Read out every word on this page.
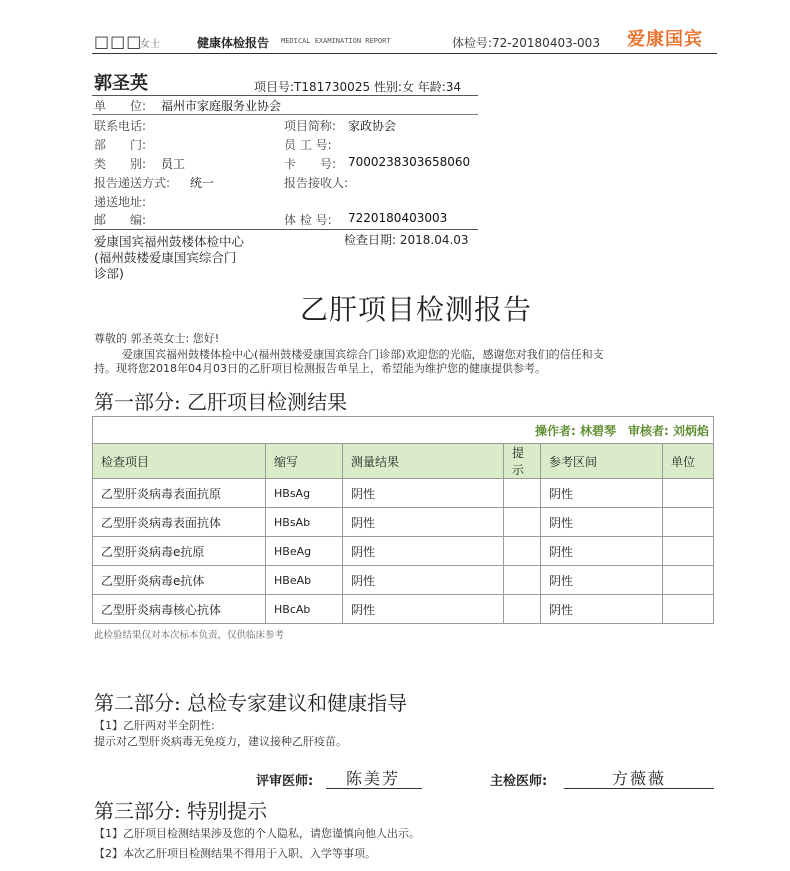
□□□
女士	健康体检报告 MEDICAL EXAMINATION REPORT	体检号:72-20180403-003 爱康国宾
郭圣英	项目号:T181730025 性别:女 年龄:34
单　　位: 福州市家庭服务业协会
联系电话:	项目简称: 家政协会
部　　门:	员 工 号:
类　　别: 员工	卡　　号: 7000238303658060
报告递送方式: 统一	报告接收人:
递送地址:
邮　　编:	体 检 号: 7220180403003
爱康国宾福州鼓楼体检中心
(福州鼓楼爱康国宾综合门
诊部)
检查日期: 2018.04.03
乙肝项目检测报告
尊敬的 郭圣英女士: 您好!
爱康国宾福州鼓楼体检中心(福州鼓楼爱康国宾综合门诊部)欢迎您的光临，感谢您对我们的信任和支
持。现将您2018年04月03日的乙肝项目检测报告单呈上，希望能为维护您的健康提供参考。
第一部分: 乙肝项目检测结果
操作者: 林碧琴　审核者: 刘炳焰					
检查项目	缩写	测量结果	提示	参考区间	单位
乙型肝炎病毒表面抗原	HBsAg	阴性		阴性	
乙型肝炎病毒表面抗体	HBsAb	阴性		阴性	
乙型肝炎病毒e抗原	HBeAg	阴性		阴性	
乙型肝炎病毒e抗体	HBeAb	阴性		阴性	
乙型肝炎病毒核心抗体	HBcAb	阴性		阴性	
此检验结果仅对本次标本负责，仅供临床参考
第二部分: 总检专家建议和健康指导
【1】乙肝两对半全阴性:
提示对乙型肝炎病毒无免疫力，建议接种乙肝疫苗。
评审医师: 陈美芳	主检医师:	方薇薇
第三部分: 特别提示
【1】乙肝项目检测结果涉及您的个人隐私，请您谨慎向他人出示。
【2】本次乙肝项目检测结果不得用于入职、入学等事项。
